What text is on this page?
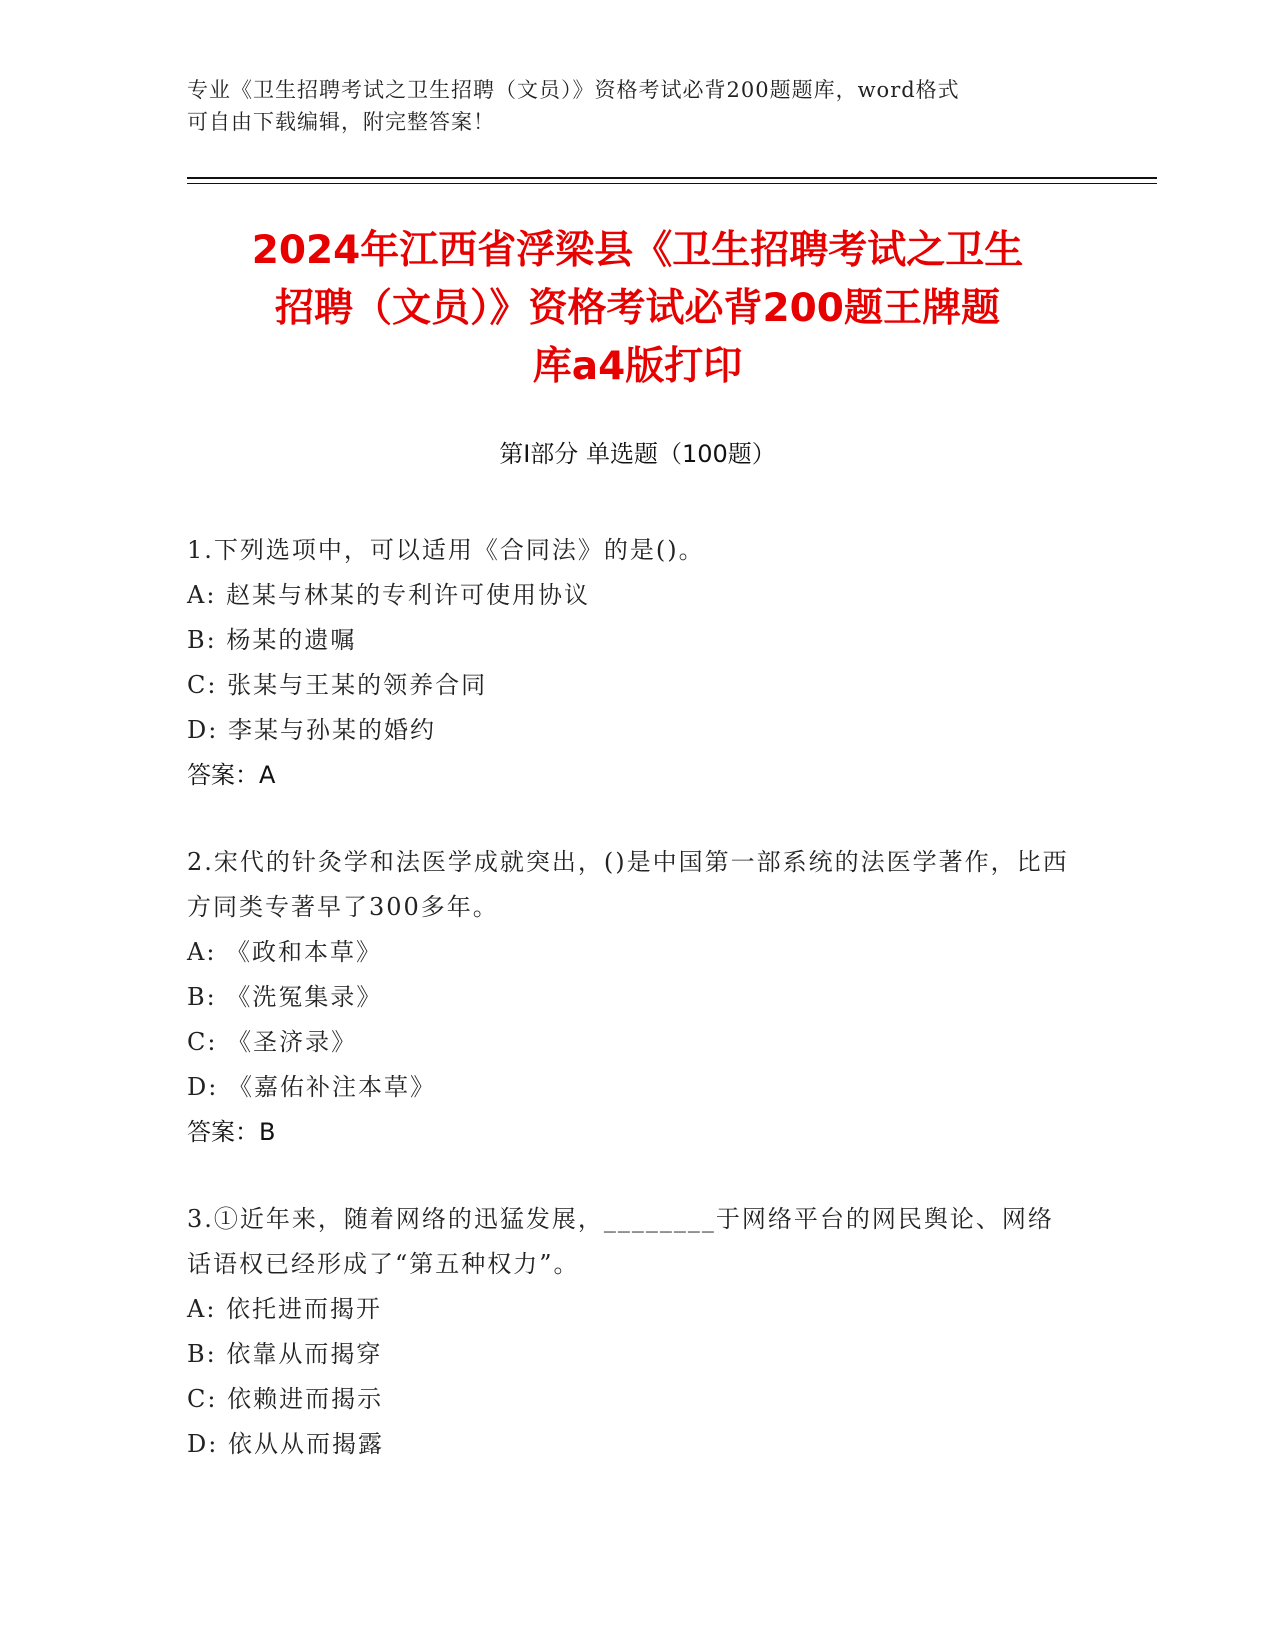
专业《卫生招聘考试之卫生招聘（文员）》资格考试必背200题题库，word格式
可自由下载编辑，附完整答案！
2024年江西省浮梁县《卫生招聘考试之卫生
招聘（文员）》资格考试必背200题王牌题
库a4版打印
第Ⅰ部分 单选题（100题）
1.下列选项中，可以适用《合同法》的是()。
A: 赵某与林某的专利许可使用协议
B: 杨某的遗嘱
C: 张某与王某的领养合同
D: 李某与孙某的婚约
答案：A
2.宋代的针灸学和法医学成就突出，()是中国第一部系统的法医学著作，比西方同类专著早了300多年。
A: 《政和本草》
B: 《洗冤集录》
C: 《圣济录》
D: 《嘉佑补注本草》
答案：B
3.①近年来，随着网络的迅猛发展，________于网络平台的网民舆论、网络话语权已经形成了“第五种权力”。
A: 依托进而揭开
B: 依靠从而揭穿
C: 依赖进而揭示
D: 依从从而揭露
